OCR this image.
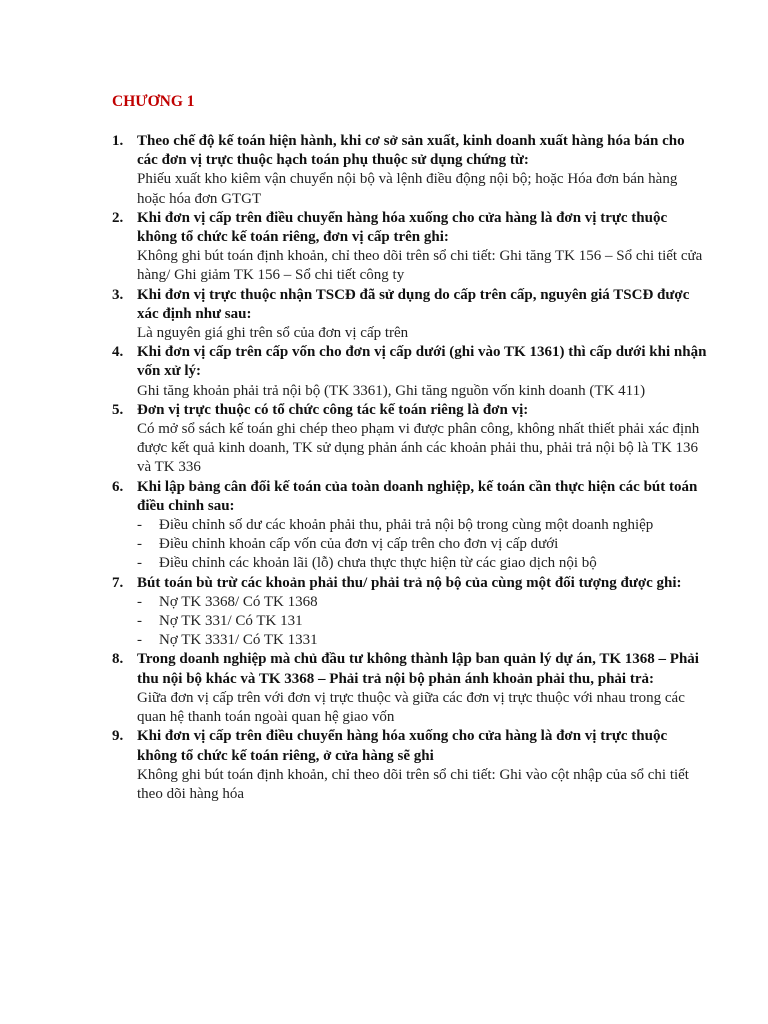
CHƯƠNG 1
1. Theo chế độ kế toán hiện hành, khi cơ sở sản xuất, kinh doanh xuất hàng hóa bán cho các đơn vị trực thuộc hạch toán phụ thuộc sử dụng chứng từ:
Phiếu xuất kho kiêm vận chuyển nội bộ và lệnh điều động nội bộ; hoặc Hóa đơn bán hàng hoặc hóa đơn GTGT
2. Khi đơn vị cấp trên điều chuyển hàng hóa xuống cho cửa hàng là đơn vị trực thuộc không tổ chức kế toán riêng, đơn vị cấp trên ghi:
Không ghi bút toán định khoản, chỉ theo dõi trên sổ chi tiết: Ghi tăng TK 156 – Sổ chi tiết cửa hàng/ Ghi giảm TK 156 – Sổ chi tiết công ty
3. Khi đơn vị trực thuộc nhận TSCĐ đã sử dụng do cấp trên cấp, nguyên giá TSCĐ được xác định như sau:
Là nguyên giá ghi trên sổ của đơn vị cấp trên
4. Khi đơn vị cấp trên cấp vốn cho đơn vị cấp dưới (ghi vào TK 1361) thì cấp dưới khi nhận vốn xử lý:
Ghi tăng khoản phải trả nội bộ (TK 3361), Ghi tăng nguồn vốn kinh doanh (TK 411)
5. Đơn vị trực thuộc có tổ chức công tác kế toán riêng là đơn vị:
Có mở sổ sách kế toán ghi chép theo phạm vi được phân công, không nhất thiết phải xác định được kết quả kinh doanh, TK sử dụng phản ánh các khoản phải thu, phải trả nội bộ là TK 136 và TK 336
6. Khi lập bảng cân đối kế toán của toàn doanh nghiệp, kế toán cần thực hiện các bút toán điều chỉnh sau:
- Điều chỉnh số dư các khoản phải thu, phải trả nội bộ trong cùng một doanh nghiệp
- Điều chỉnh khoản cấp vốn của đơn vị cấp trên cho đơn vị cấp dưới
- Điều chỉnh các khoản lãi (lỗ) chưa thực thực hiện từ các giao dịch nội bộ
7. Bút toán bù trừ các khoản phải thu/ phải trả nộ bộ của cùng một đối tượng được ghi:
- Nợ TK 3368/ Có TK 1368
- Nợ TK 331/ Có TK 131
- Nợ TK 3331/ Có TK 1331
8. Trong doanh nghiệp mà chủ đầu tư không thành lập ban quản lý dự án, TK 1368 – Phải thu nội bộ khác và TK 3368 – Phải trả nội bộ phản ánh khoản phải thu, phải trả:
Giữa đơn vị cấp trên với đơn vị trực thuộc và giữa các đơn vị trực thuộc với nhau trong các quan hệ thanh toán ngoài quan hệ giao vốn
9. Khi đơn vị cấp trên điều chuyển hàng hóa xuống cho cửa hàng là đơn vị trực thuộc không tổ chức kế toán riêng, ở cửa hàng sẽ ghi
Không ghi bút toán định khoản, chỉ theo dõi trên sổ chi tiết: Ghi vào cột nhập của sổ chi tiết theo dõi hàng hóa
